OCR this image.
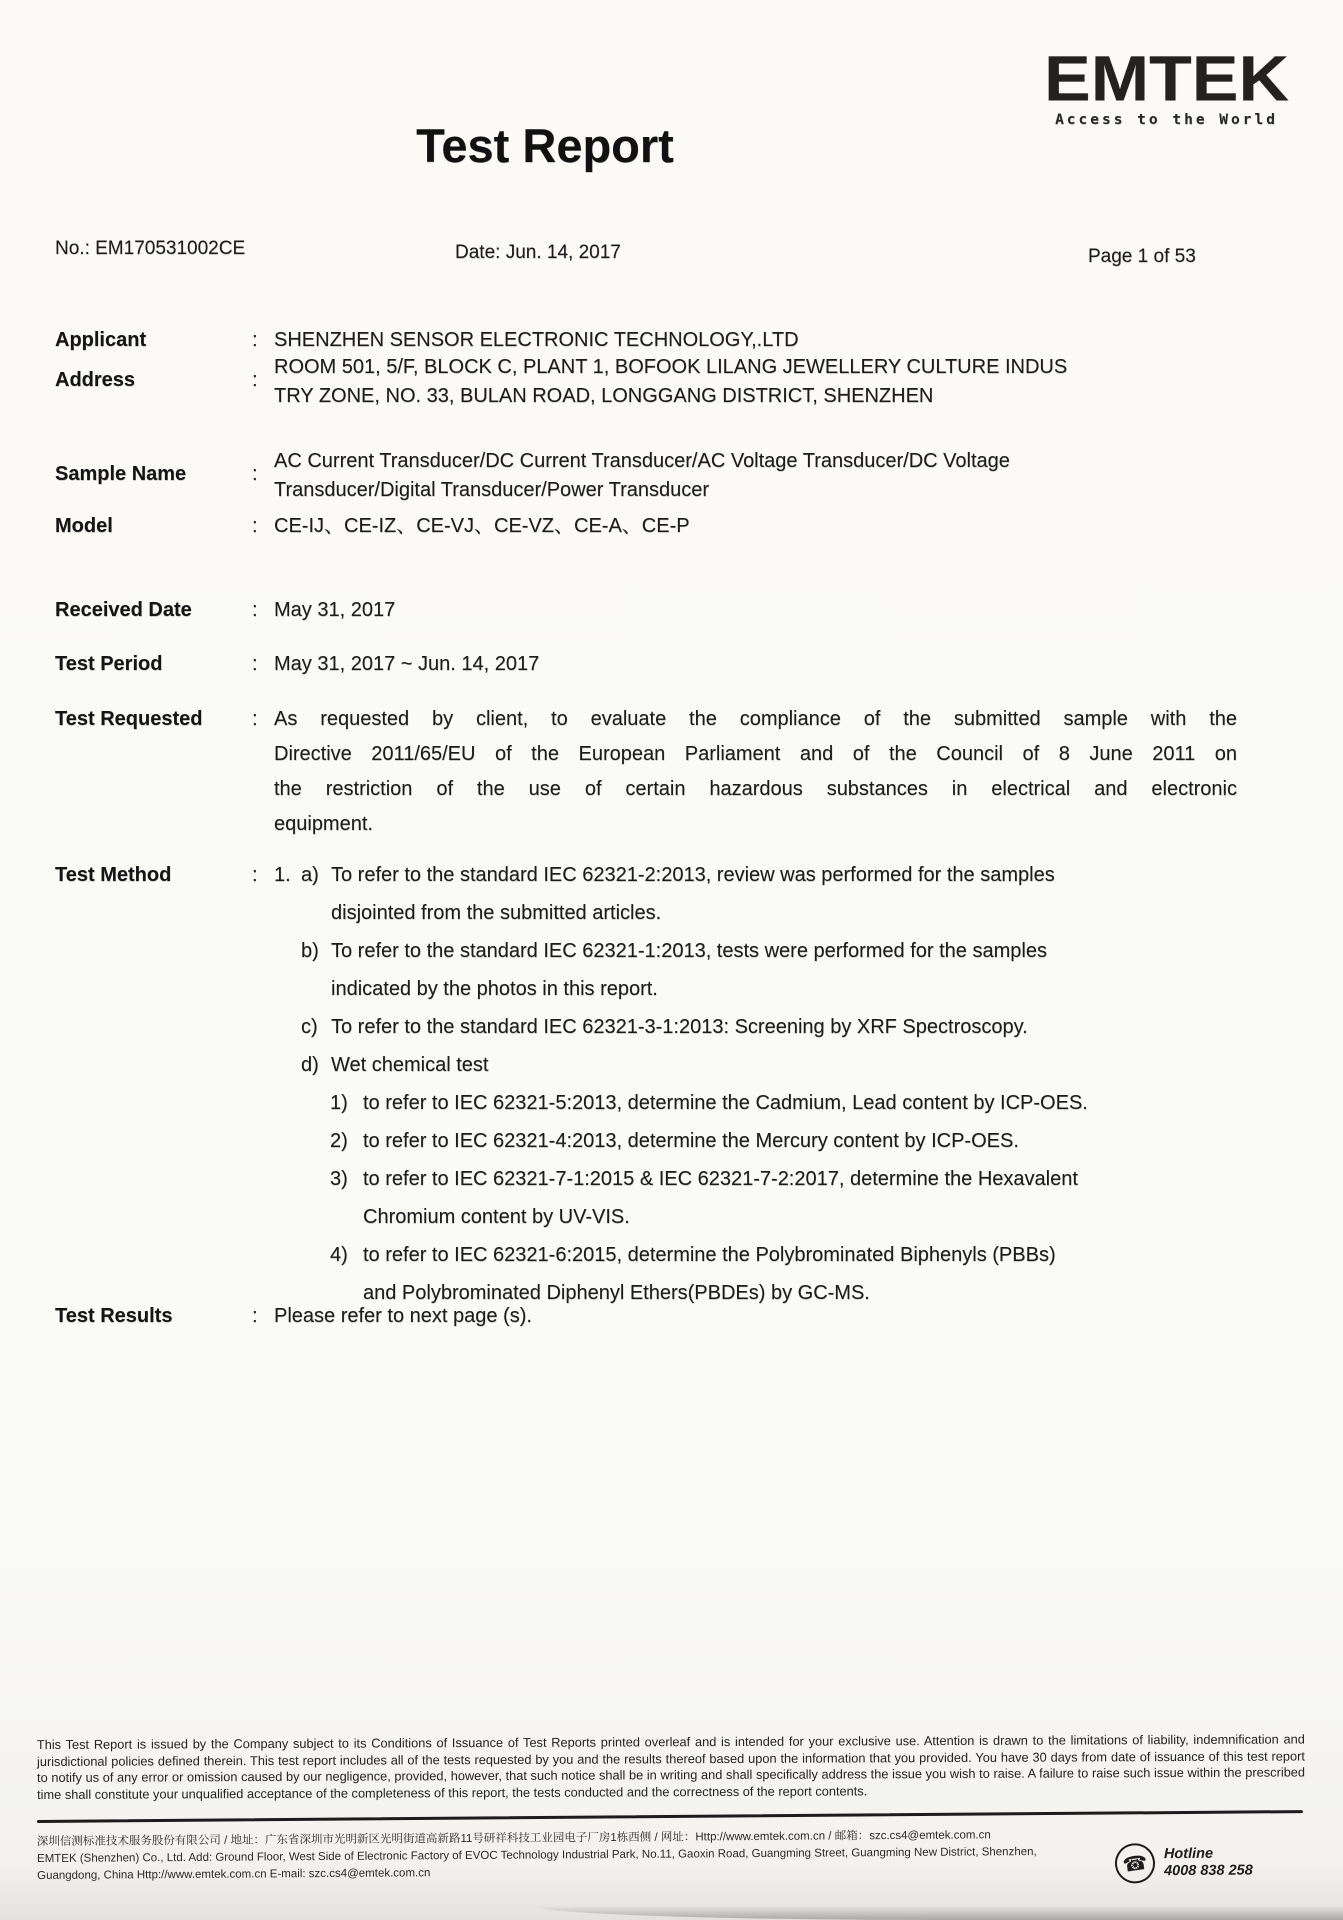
EMTEK
Access to the World
Test Report
No.: EM170531002CE	Date: Jun. 14, 2017	Page 1 of 53
Applicant	: SHENZHEN SENSOR ELECTRONIC TECHNOLOGY,.LTD
Address	:
ROOM 501, 5/F, BLOCK C, PLANT 1, BOFOOK LILANG JEWELLERY CULTURE INDUS
TRY ZONE, NO. 33, BULAN ROAD, LONGGANG DISTRICT, SHENZHEN
Sample Name	:
AC Current Transducer/DC Current Transducer/AC Voltage Transducer/DC Voltage
Transducer/Digital Transducer/Power Transducer
Model	: CE-IJ、CE-IZ、CE-VJ、CE-VZ、CE-A、CE-P
Received Date	: May 31, 2017
Test Period	: May 31, 2017 ~ Jun. 14, 2017
Test Requested	: As requested by client, to evaluate the compliance of the submitted sample with the
Directive 2011/65/EU of the European Parliament and of the Council of 8 June 2011 on
the restriction of the use of certain hazardous substances in electrical and electronic
equipment.
Test Method	: 1. a) To refer to the standard IEC 62321-2:2013, review was performed for the samples
disjointed from the submitted articles.
b) To refer to the standard IEC 62321-1:2013, tests were performed for the samples
indicated by the photos in this report.
c) To refer to the standard IEC 62321-3-1:2013: Screening by XRF Spectroscopy.
d) Wet chemical test
1) to refer to IEC 62321-5:2013, determine the Cadmium, Lead content by ICP-OES.
2) to refer to IEC 62321-4:2013, determine the Mercury content by ICP-OES.
3) to refer to IEC 62321-7-1:2015 & IEC 62321-7-2:2017, determine the Hexavalent
Chromium content by UV-VIS.
4) to refer to IEC 62321-6:2015, determine the Polybrominated Biphenyls (PBBs)
and Polybrominated Diphenyl Ethers(PBDEs) by GC-MS.
Test Results	: Please refer to next page (s).
This Test Report is issued by the Company subject to its Conditions of Issuance of Test Reports printed overleaf and is intended for your exclusive use. Attention is drawn to the limitations of liability, indemnification and jurisdictional policies defined therein. This test report includes all of the tests requested by you and the results thereof based upon the information that you provided. You have 30 days from date of issuance of this test report to notify us of any error or omission caused by our negligence, provided, however, that such notice shall be in writing and shall specifically address the issue you wish to raise. A failure to raise such issue within the prescribed time shall constitute your unqualified acceptance of the completeness of this report, the tests conducted and the correctness of the report contents.
深圳信测标准技术服务股份有限公司 / 地址：广东省深圳市光明新区光明街道高新路11号研祥科技工业园电子厂房1栋西侧 / 网址：Http://www.emtek.com.cn / 邮箱：szc.cs4@emtek.com.cn
EMTEK (Shenzhen) Co., Ltd. Add: Ground Floor, West Side of Electronic Factory of EVOC Technology Industrial Park, No.11, Gaoxin Road, Guangming Street, Guangming New District, Shenzhen,
Guangdong, China Http://www.emtek.com.cn E-mail: szc.cs4@emtek.com.cn	☎	Hotline
4008 838 258
